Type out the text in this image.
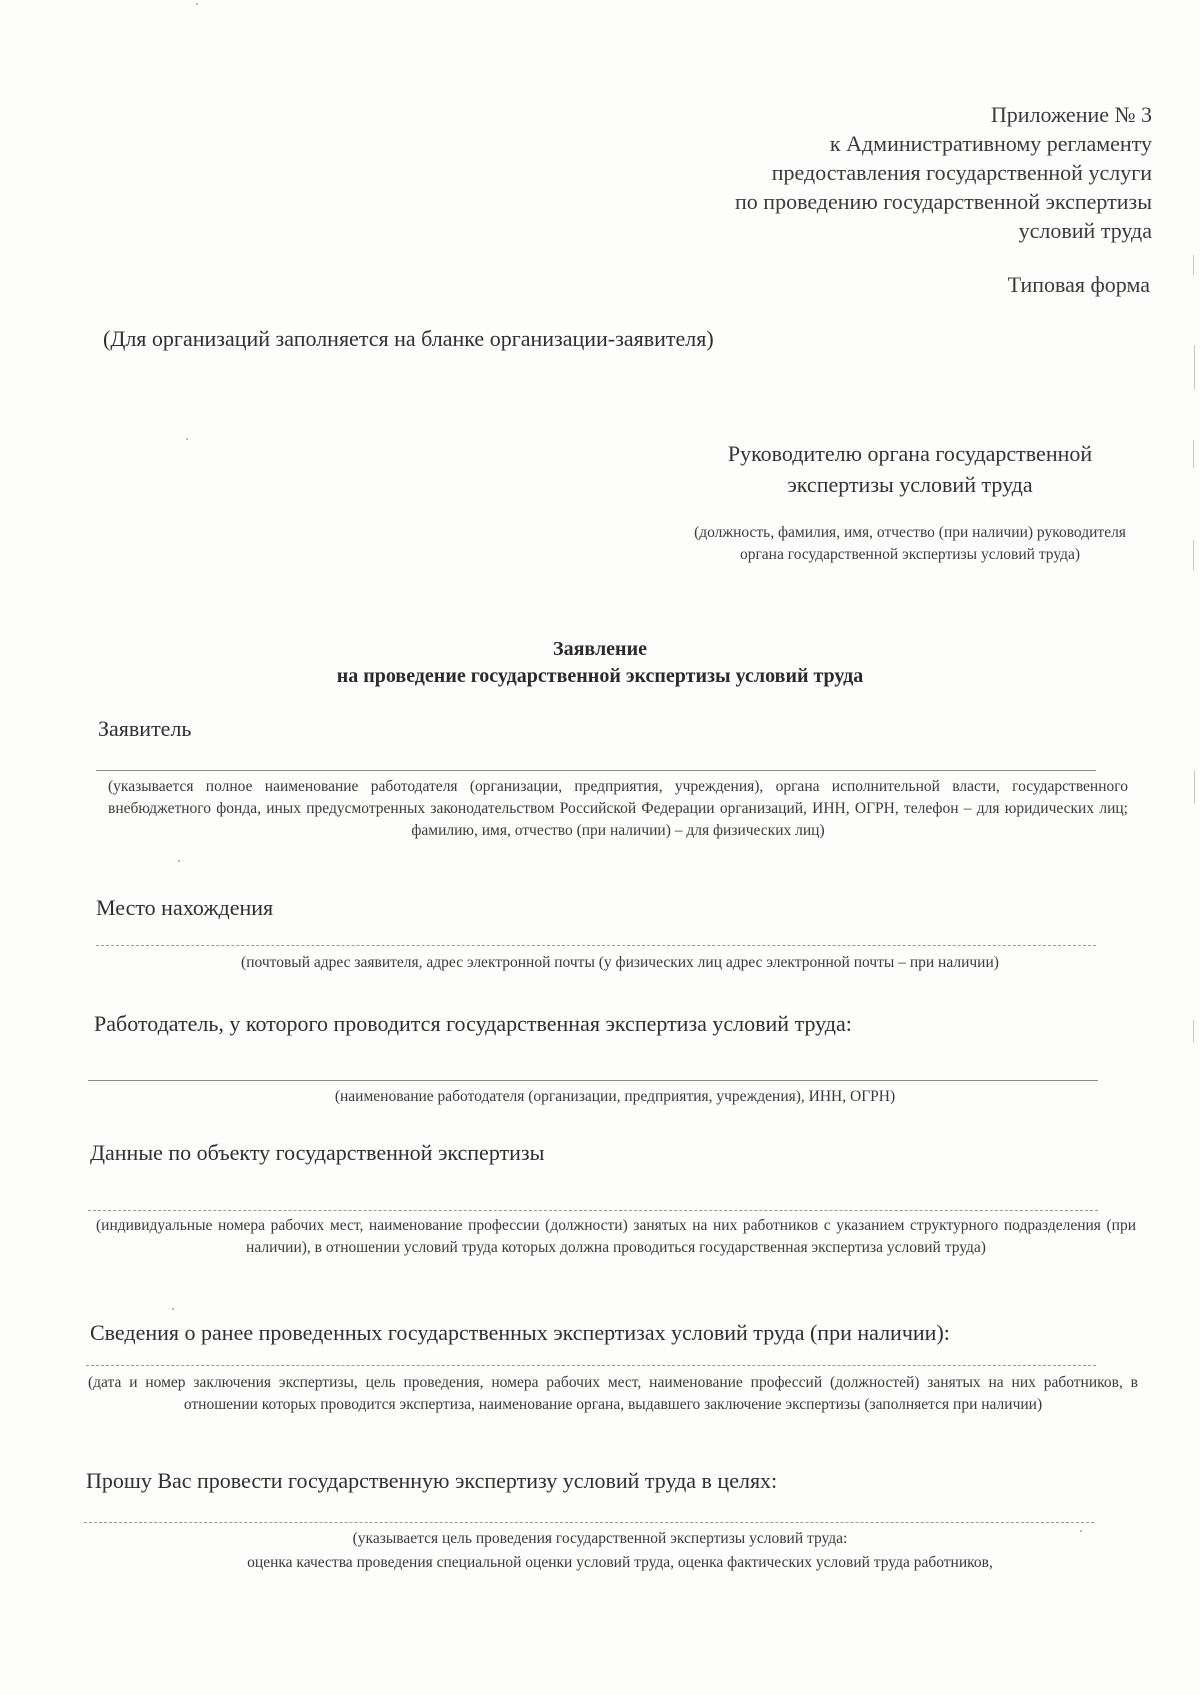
Приложение № 3
к Административному регламенту
предоставления государственной услуги
по проведению государственной экспертизы
условий труда
Типовая форма
(Для организаций заполняется на бланке организации-заявителя)
Руководителю органа государственной
экспертизы условий труда
(должность, фамилия, имя, отчество (при наличии) руководителя органа государственной экспертизы условий труда)
Заявление
на проведение государственной экспертизы условий труда
Заявитель
(указывается полное наименование работодателя (организации, предприятия, учреждения), органа исполнительной власти, государственного внебюджетного фонда, иных предусмотренных законодательством Российской Федерации организаций, ИНН, ОГРН, телефон – для юридических лиц; фамилию, имя, отчество (при наличии) – для физических лиц)
Место нахождения
(почтовый адрес заявителя, адрес электронной почты (у физических лиц адрес электронной почты – при наличии)
Работодатель, у которого проводится государственная экспертиза условий труда:
(наименование работодателя (организации, предприятия, учреждения), ИНН, ОГРН)
Данные по объекту государственной экспертизы
(индивидуальные номера рабочих мест, наименование профессии (должности) занятых на них работников с указанием структурного подразделения (при наличии), в отношении условий труда которых должна проводиться государственная экспертиза условий труда)
Сведения о ранее проведенных государственных экспертизах условий труда (при наличии):
(дата и номер заключения экспертизы, цель проведения, номера рабочих мест, наименование профессий (должностей) занятых на них работников, в отношении которых проводится экспертиза, наименование органа, выдавшего заключение экспертизы (заполняется при наличии)
Прошу Вас провести государственную экспертизу условий труда в целях:
(указывается цель проведения государственной экспертизы условий труда:
оценка качества проведения специальной оценки условий труда, оценка фактических условий труда работников,
